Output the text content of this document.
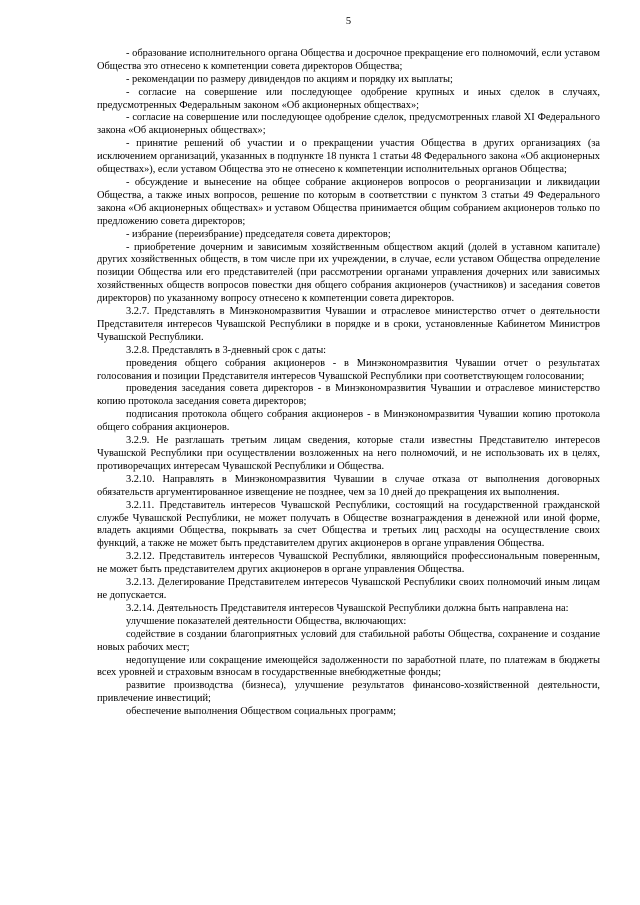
5

- образование исполнительного органа Общества и досрочное прекращение его полномочий, если уставом Общества это отнесено к компетенции совета директоров Общества;

- рекомендации по размеру дивидендов по акциям и порядку их выплаты;

- согласие на совершение или последующее одобрение крупных и иных сделок в случаях, предусмотренных Федеральным законом «Об акционерных обществах»;

- согласие на совершение или последующее одобрение сделок, предусмотренных главой XI Федерального закона «Об акционерных обществах»;

- принятие решений об участии и о прекращении участия Общества в других организациях (за исключением организаций, указанных в подпункте 18 пункта 1 статьи 48 Федерального закона «Об акционерных обществах»), если уставом Общества это не отнесено к компетенции исполнительных органов Общества;

- обсуждение и вынесение на общее собрание акционеров вопросов о реорганизации и ликвидации Общества, а также иных вопросов, решение по которым в соответствии с пунктом 3 статьи 49 Федерального закона «Об акционерных обществах» и уставом Общества принимается общим собранием акционеров только по предложению совета директоров;

- избрание (переизбрание) председателя совета директоров;

- приобретение дочерним и зависимым хозяйственным обществом акций (долей в уставном капитале) других хозяйственных обществ, в том числе при их учреждении, в случае, если уставом Общества определение позиции Общества или его представителей (при рассмотрении органами управления дочерних или зависимых хозяйственных обществ вопросов повестки дня общего собрания акционеров (участников) и заседания советов директоров) по указанному вопросу отнесено к компетенции совета директоров.

3.2.7. Представлять в Минэкономразвития Чувашии и отраслевое министерство отчет о деятельности Представителя интересов Чувашской Республики в порядке и в сроки, установленные Кабинетом Министров Чувашской Республики.

3.2.8. Представлять в 3-дневный срок с даты:

проведения общего собрания акционеров - в Минэкономразвития Чувашии отчет о результатах голосования и позиции Представителя интересов Чувашской Республики при соответствующем голосовании;

проведения заседания совета директоров - в Минэкономразвития Чувашии и отраслевое министерство копию протокола заседания совета директоров;

подписания протокола общего собрания акционеров - в Минэкономразвития Чувашии копию протокола общего собрания акционеров.

3.2.9. Не разглашать третьим лицам сведения, которые стали известны Представителю интересов Чувашской Республики при осуществлении возложенных на него полномочий, и не использовать их в целях, противоречащих интересам Чувашской Республики и Общества.

3.2.10. Направлять в Минэкономразвития Чувашии в случае отказа от выполнения договорных обязательств аргументированное извещение не позднее, чем за 10 дней до прекращения их выполнения.

3.2.11. Представитель интересов Чувашской Республики, состоящий на государственной гражданской службе Чувашской Республики, не может получать в Обществе вознаграждения в денежной или иной форме, владеть акциями Общества, покрывать за счет Общества и третьих лиц расходы на осуществление своих функций, а также не может быть представителем других акционеров в органе управления Общества.

3.2.12. Представитель интересов Чувашской Республики, являющийся профессиональным поверенным, не может быть представителем других акционеров в органе управления Общества.

3.2.13. Делегирование Представителем интересов Чувашской Республики своих полномочий иным лицам не допускается.

3.2.14. Деятельность Представителя интересов Чувашской Республики должна быть направлена на:

улучшение показателей деятельности Общества, включающих:

содействие в создании благоприятных условий для стабильной работы Общества, сохранение и создание новых рабочих мест;

недопущение или сокращение имеющейся задолженности по заработной плате, по платежам в бюджеты всех уровней и страховым взносам в государственные внебюджетные фонды;

развитие производства (бизнеса), улучшение результатов финансово-хозяйственной деятельности, привлечение инвестиций;

обеспечение выполнения Обществом социальных программ;
